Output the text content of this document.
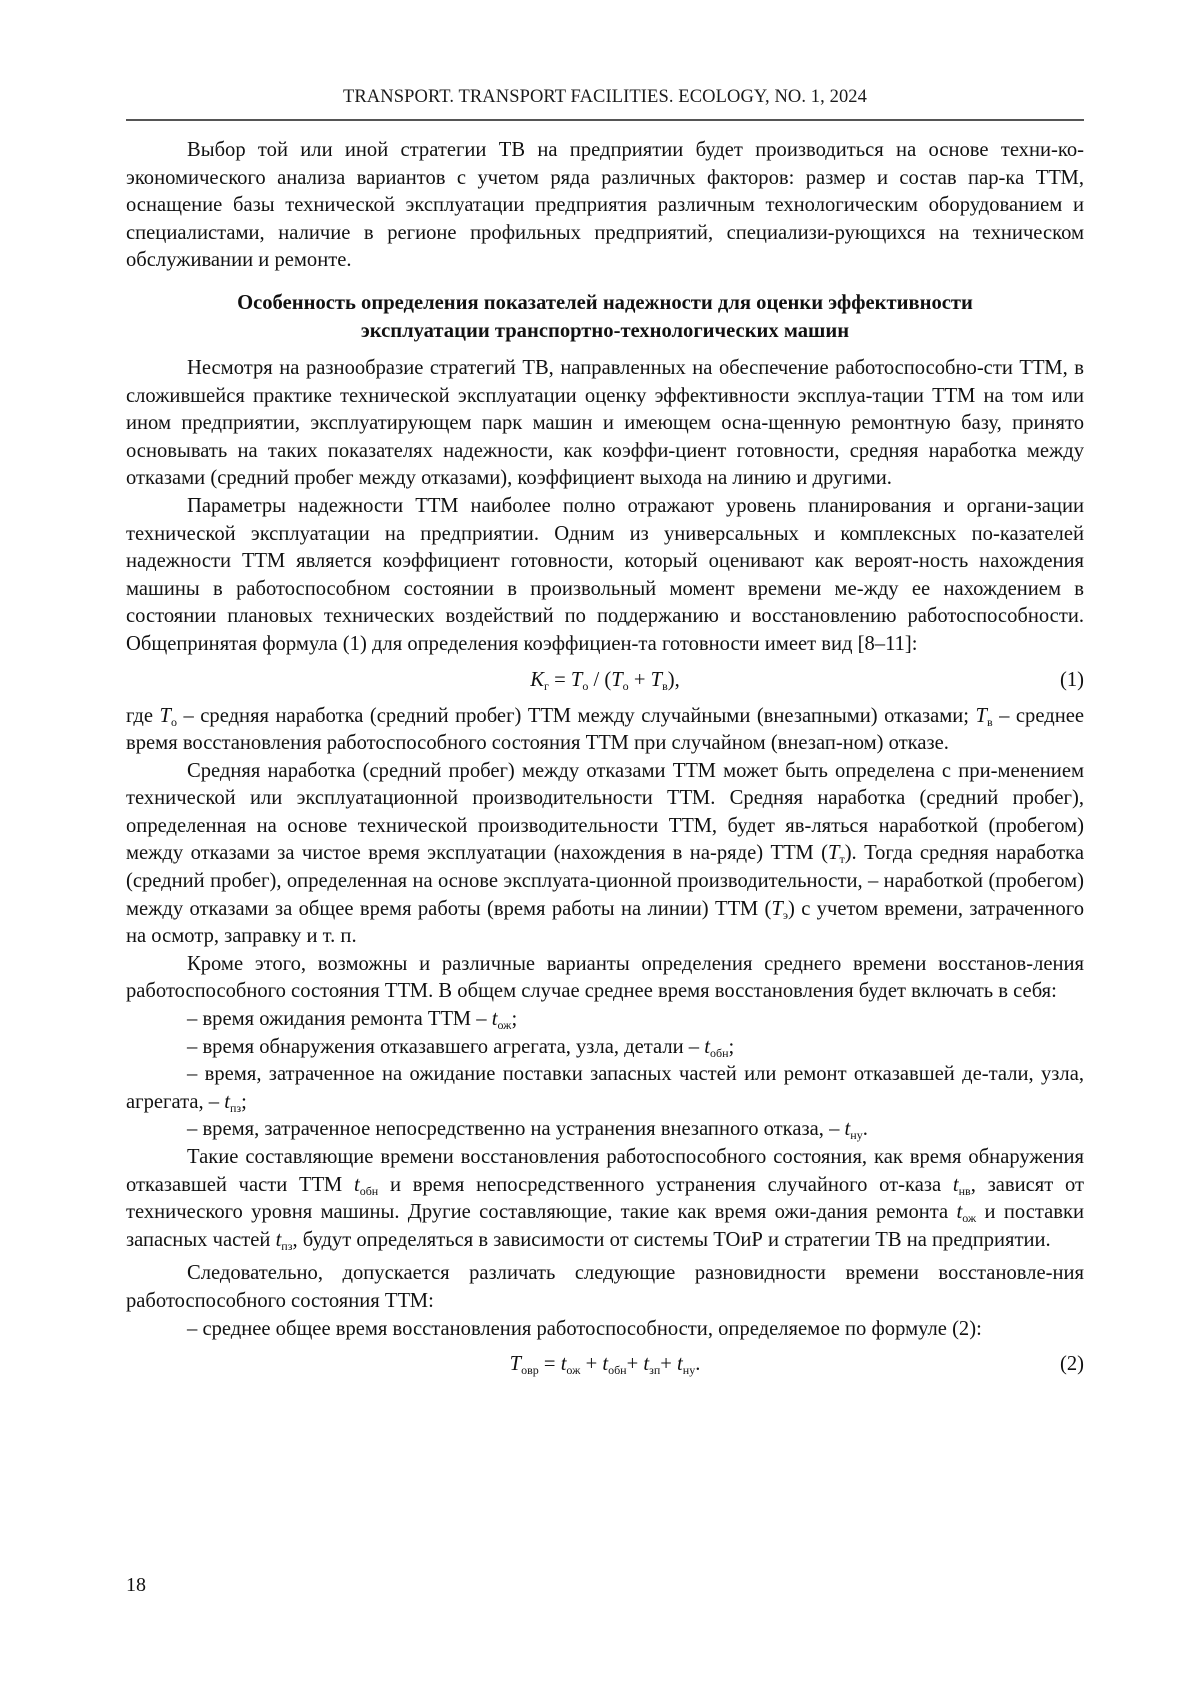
TRANSPORT. TRANSPORT FACILITIES. ECOLOGY, NO. 1, 2024

Выбор той или иной стратегии ТВ на предприятии будет производиться на основе техни-ко-экономического анализа вариантов с учетом ряда различных факторов: размер и состав пар-ка ТТМ, оснащение базы технической эксплуатации предприятия различным технологическим оборудованием и специалистами, наличие в регионе профильных предприятий, специализи-рующихся на техническом обслуживании и ремонте.

Особенность определения показателей надежности для оценки эффективности
эксплуатации транспортно-технологических машин

Несмотря на разнообразие стратегий ТВ, направленных на обеспечение работоспособно-сти ТТМ, в сложившейся практике технической эксплуатации оценку эффективности эксплуа-тации ТТМ на том или ином предприятии, эксплуатирующем парк машин и имеющем осна-щенную ремонтную базу, принято основывать на таких показателях надежности, как коэффи-циент готовности, средняя наработка между отказами (средний пробег между отказами), коэффициент выхода на линию и другими.

Параметры надежности ТТМ наиболее полно отражают уровень планирования и органи-зации технической эксплуатации на предприятии. Одним из универсальных и комплексных по-казателей надежности ТТМ является коэффициент готовности, который оценивают как вероят-ность нахождения машины в работоспособном состоянии в произвольный момент времени ме-жду ее нахождением в состоянии плановых технических воздействий по поддержанию и восстановлению работоспособности. Общепринятая формула (1) для определения коэффициен-та готовности имеет вид [8–11]:

$K_г = T_о / (T_о + T_в)$,	(1)

где $T_о$ – средняя наработка (средний пробег) ТТМ между случайными (внезапными) отказами; $T_в$ – среднее время восстановления работоспособного состояния ТТМ при случайном (внезап-ном) отказе.

Средняя наработка (средний пробег) между отказами ТТМ может быть определена с при-менением технической или эксплуатационной производительности ТТМ. Средняя наработка (средний пробег), определенная на основе технической производительности ТТМ, будет яв-ляться наработкой (пробегом) между отказами за чистое время эксплуатации (нахождения в на-ряде) ТТМ $(T_т)$. Тогда средняя наработка (средний пробег), определенная на основе эксплуата-ционной производительности, – наработкой (пробегом) между отказами за общее время работы (время работы на линии) ТТМ $(T_э)$ с учетом времени, затраченного на осмотр, заправку и т. п.

Кроме этого, возможны и различные варианты определения среднего времени восстанов-ления работоспособного состояния ТТМ. В общем случае среднее время восстановления будет включать в себя:

– время ожидания ремонта ТТМ – $t_{ож}$;

– время обнаружения отказавшего агрегата, узла, детали – $t_{обн}$;

– время, затраченное на ожидание поставки запасных частей или ремонт отказавшей де-тали, узла, агрегата, – $t_{пз}$;

– время, затраченное непосредственно на устранения внезапного отказа, – $t_{ну}$.

Такие составляющие времени восстановления работоспособного состояния, как время обнаружения отказавшей части ТТМ $t_{обн}$ и время непосредственного устранения случайного от-каза $t_{нв}$, зависят от технического уровня машины. Другие составляющие, такие как время ожи-дания ремонта $t_{ож}$ и поставки запасных частей $t_{пз}$, будут определяться в зависимости от системы ТОиР и стратегии ТВ на предприятии.

Следовательно, допускается различать следующие разновидности времени восстановле-ния работоспособного состояния ТТМ:

– среднее общее время восстановления работоспособности, определяемое по формуле (2):

$T_{овр} = t_{ож} + t_{обн}+ t_{зп}+ t_{ну}$.	(2)
18
